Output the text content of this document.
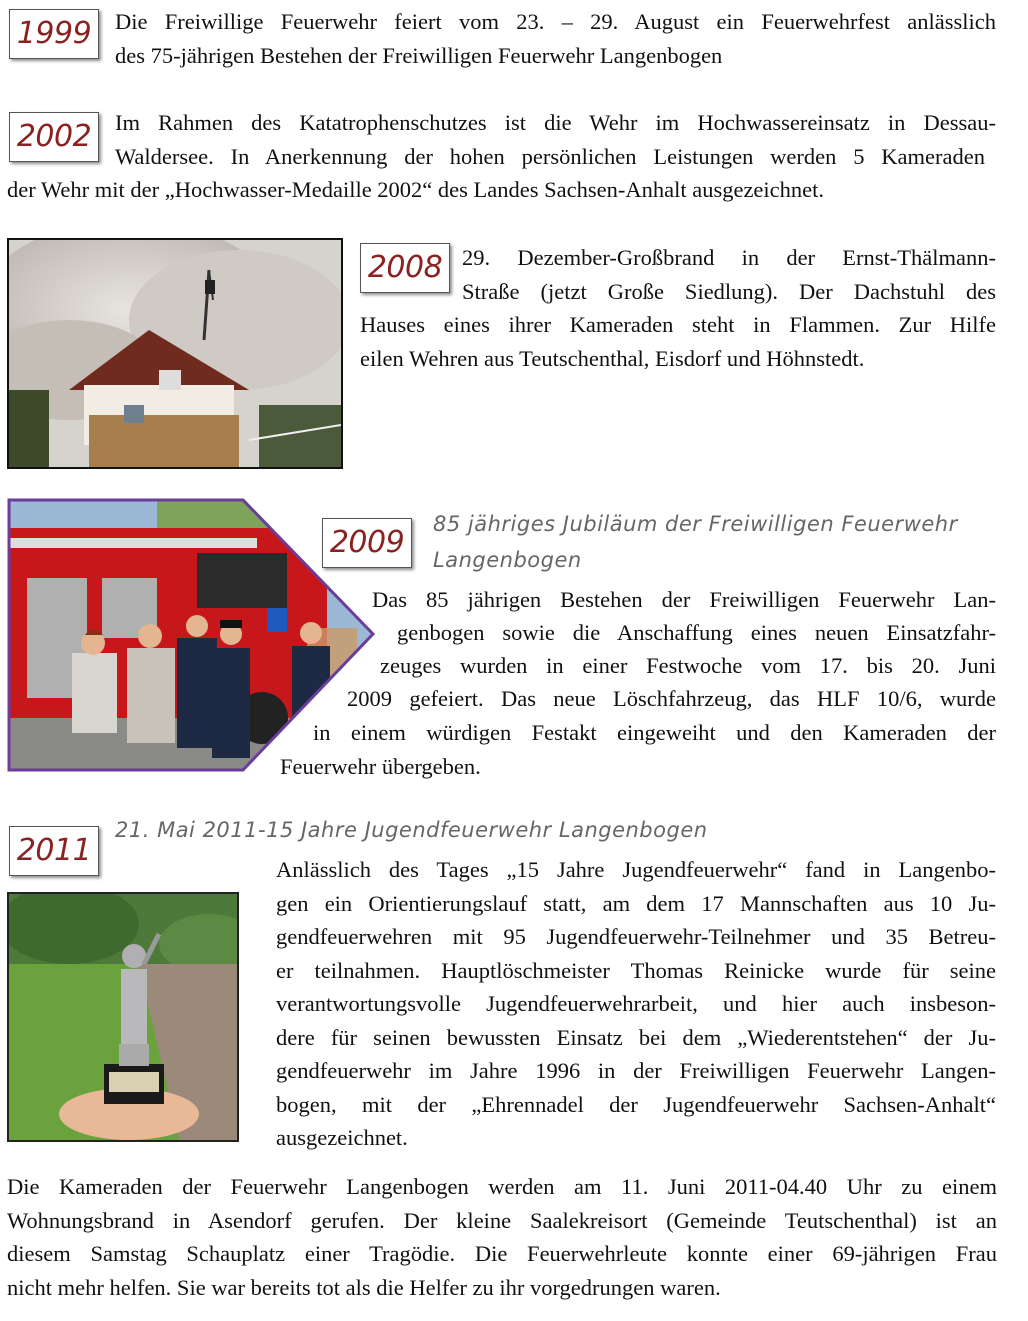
1999	Die Freiwillige Feuerwehr feiert vom 23. – 29. August ein Feuerwehrfest anlässlich
des 75-jährigen Bestehen der Freiwilligen Feuerwehr Langenbogen
2002	Im Rahmen des Katatrophenschutzes ist die Wehr im Hochwassereinsatz in Dessau-
Waldersee. In Anerkennung der hohen persönlichen Leistungen werden 5 Kameraden
der Wehr mit der „Hochwasser-Medaille 2002“ des Landes Sachsen-Anhalt ausgezeichnet.
2008 29. Dezember-Großbrand in der Ernst-Thälmann-
Straße (jetzt Große Siedlung). Der Dachstuhl des
Hauses eines ihrer Kameraden steht in Flammen. Zur Hilfe
eilen Wehren aus Teutschenthal, Eisdorf und Höhnstedt.
2009
85 jähriges Jubiläum der Freiwilligen Feuerwehr
Langenbogen
Das 85 jährigen Bestehen der Freiwilligen Feuerwehr Lan-
genbogen sowie die Anschaffung eines neuen Einsatzfahr-
zeuges wurden in einer Festwoche vom 17. bis 20. Juni
2009 gefeiert. Das neue Löschfahrzeug, das HLF 10/6, wurde
in einem würdigen Festakt eingeweiht und den Kameraden der
Feuerwehr übergeben.
2011
21. Mai 2011-15 Jahre Jugendfeuerwehr Langenbogen
Anlässlich des Tages „15 Jahre Jugendfeuerwehr“ fand in Langenbo-
gen ein Orientierungslauf statt, am dem 17 Mannschaften aus 10 Ju-
gendfeuerwehren mit 95 Jugendfeuerwehr-Teilnehmer und 35 Betreu-
er teilnahmen. Hauptlöschmeister Thomas Reinicke wurde für seine
verantwortungsvolle Jugendfeuerwehrarbeit, und hier auch insbeson-
dere für seinen bewussten Einsatz bei dem „Wiederentstehen“ der Ju-
gendfeuerwehr im Jahre 1996 in der Freiwilligen Feuerwehr Langen-
bogen, mit der „Ehrennadel der Jugendfeuerwehr Sachsen-Anhalt“
ausgezeichnet.
Die Kameraden der Feuerwehr Langenbogen werden am 11. Juni 2011-04.40 Uhr zu einem
Wohnungsbrand in Asendorf gerufen. Der kleine Saalekreisort (Gemeinde Teutschenthal) ist an
diesem Samstag Schauplatz einer Tragödie. Die Feuerwehrleute konnte einer 69-jährigen Frau
nicht mehr helfen. Sie war bereits tot als die Helfer zu ihr vorgedrungen waren.
